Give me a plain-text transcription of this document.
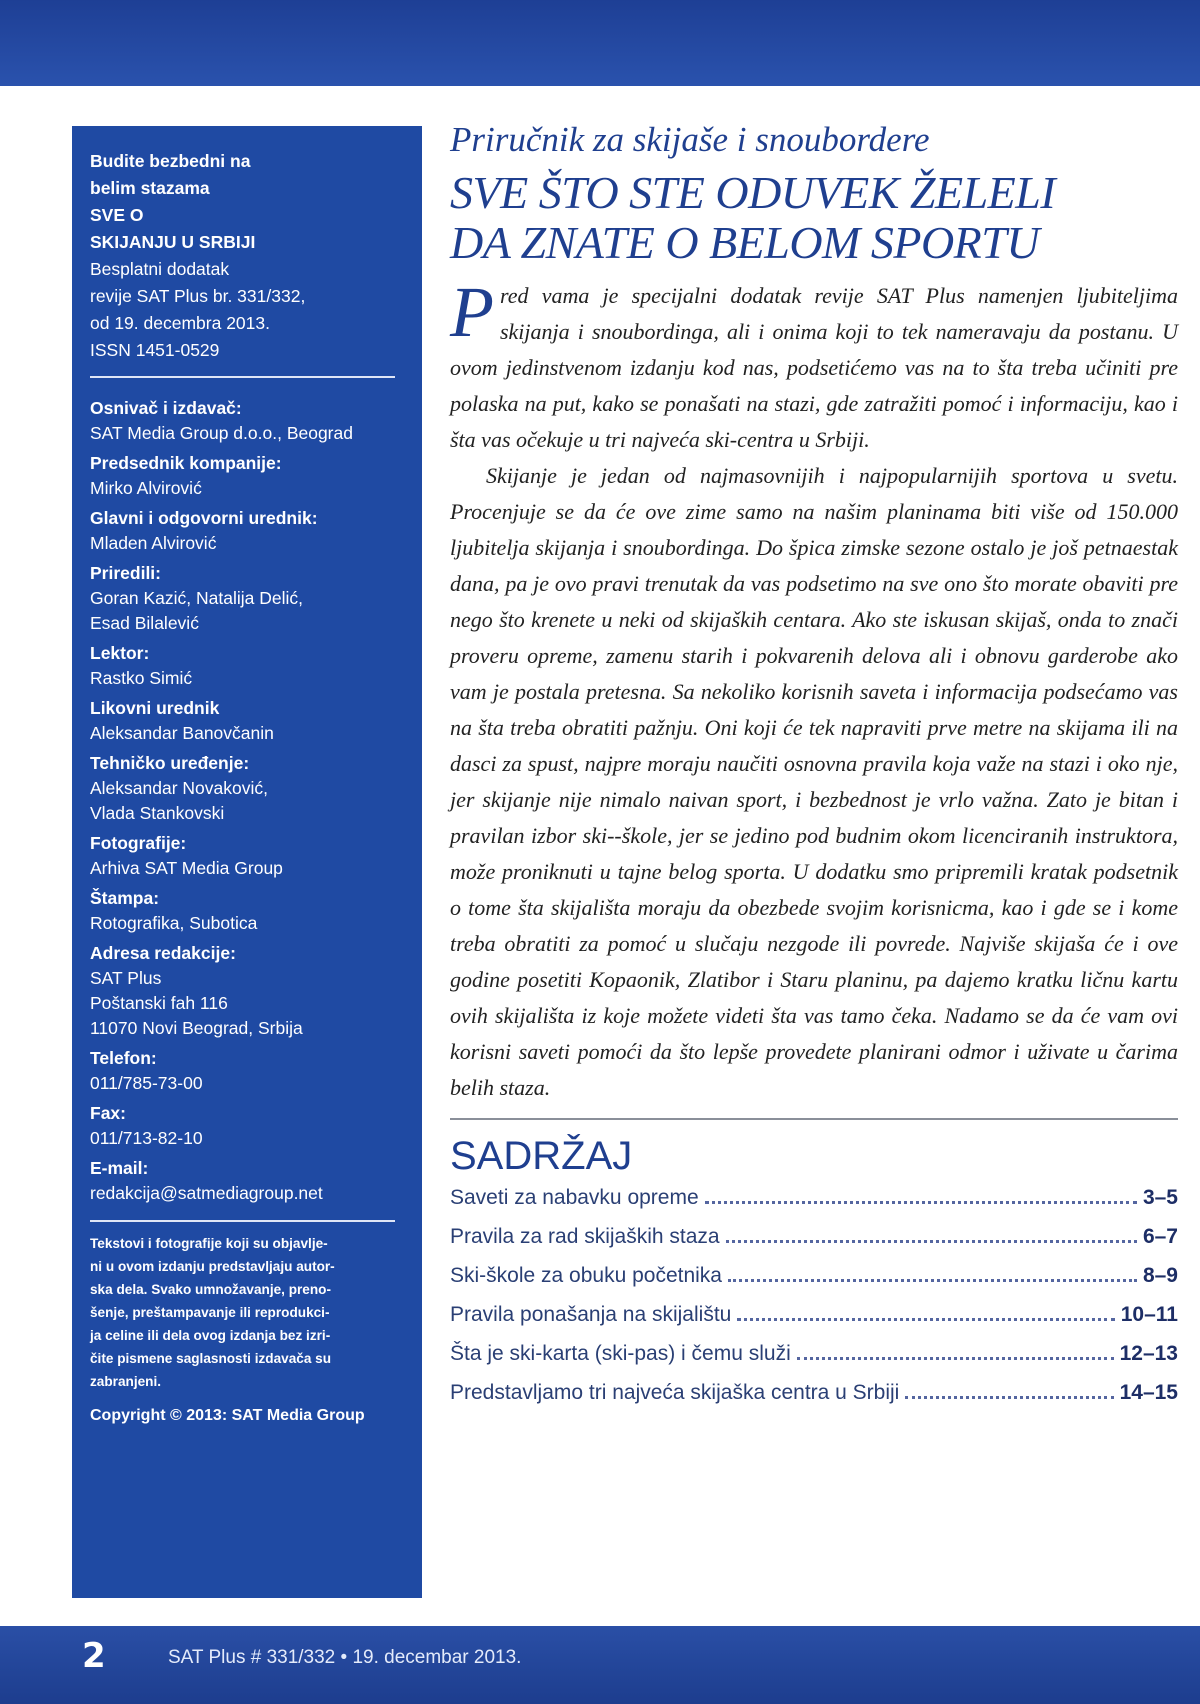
Budite bezbedni na
belim stazama
SVE O
SKIJANJU U SRBIJI
Besplatni dodatak
revije SAT Plus br. 331/332,
od 19. decembra 2013.
ISSN 1451-0529
Osnivač i izdavač:
SAT Media Group d.o.o., Beograd
Predsednik kompanije:
Mirko Alvirović
Glavni i odgovorni urednik:
Mladen Alvirović
Priredili:
Goran Kazić, Natalija Delić,
Esad Bilalević
Lektor:
Rastko Simić
Likovni urednik
Aleksandar Banovčanin
Tehničko uređenje:
Aleksandar Novaković,
Vlada Stankovski
Fotografije:
Arhiva SAT Media Group
Štampa:
Rotografika, Subotica
Adresa redakcije:
SAT Plus
Poštanski fah 116
11070 Novi Beograd, Srbija
Telefon:
011/785-73-00
Fax:
011/713-82-10
E-mail:
redakcija@satmediagroup.net
Tekstovi i fotografije koji su objavlje-
ni u ovom izdanju predstavljaju autor-
ska dela. Svako umnožavanje, preno-
šenje, preštampavanje ili reprodukci-
ja celine ili dela ovog izdanja bez izri-
čite pismene saglasnosti izdavača su
zabranjeni.
Copyright © 2013: SAT Media Group
Priručnik za skijaše i snoubordere
SVE ŠTO STE ODUVEK ŽELELI
DA ZNATE O BELOM SPORTU

Pred vama je specijalni dodatak revije SAT Plus namenjen ljubiteljima skijanja i snoubordinga, ali i onima koji to tek nameravaju da postanu. U ovom jedinstvenom izdanju kod nas, podsetićemo vas na to šta treba učiniti pre polaska na put, kako se ponašati na stazi, gde zatražiti pomoć i informaciju, kao i šta vas očekuje u tri najveća ski-centra u Srbiji.

Skijanje je jedan od najmasovnijih i najpopularnijih sportova u svetu. Procenjuje se da će ove zime samo na našim planinama biti više od 150.000 ljubitelja skijanja i snoubordinga. Do špica zimske sezone ostalo je još petnaestak dana, pa je ovo pravi trenutak da vas podsetimo na sve ono što morate obaviti pre nego što krenete u neki od skijaških centara. Ako ste iskusan skijaš, onda to znači proveru opreme, zamenu starih i pokvarenih delova ali i obnovu garderobe ako vam je postala pretesna. Sa nekoliko korisnih saveta i informacija podsećamo vas na šta treba obratiti pažnju. Oni koji će tek napraviti prve metre na skijama ili na dasci za spust, najpre moraju naučiti osnovna pravila koja važe na stazi i oko nje, jer skijanje nije nimalo naivan sport, i bezbednost je vrlo važna. Zato je bitan i pravilan izbor ski--škole, jer se jedino pod budnim okom licenciranih instruktora, može proniknuti u tajne belog sporta. U dodatku smo pripremili kratak podsetnik o tome šta skijališta moraju da obezbede svojim korisnicma, kao i gde se i kome treba obratiti za pomoć u slučaju nezgode ili povrede. Najviše skijaša će i ove godine posetiti Kopaonik, Zlatibor i Staru planinu, pa dajemo kratku ličnu kartu ovih skijališta iz koje možete videti šta vas tamo čeka. Nadamo se da će vam ovi korisni saveti pomoći da što lepše provedete planirani odmor i uživate u čarima belih staza.

SADRŽAJ
Saveti za nabavku opreme	3–5
Pravila za rad skijaških staza	6–7
Ski-škole za obuku početnika	8–9
Pravila ponašanja na skijalištu	10–11
Šta je ski-karta (ski-pas) i čemu služi	12–13
Predstavljamo tri najveća skijaška centra u Srbiji	14–15
2	SAT Plus # 331/332 • 19. decembar 2013.
